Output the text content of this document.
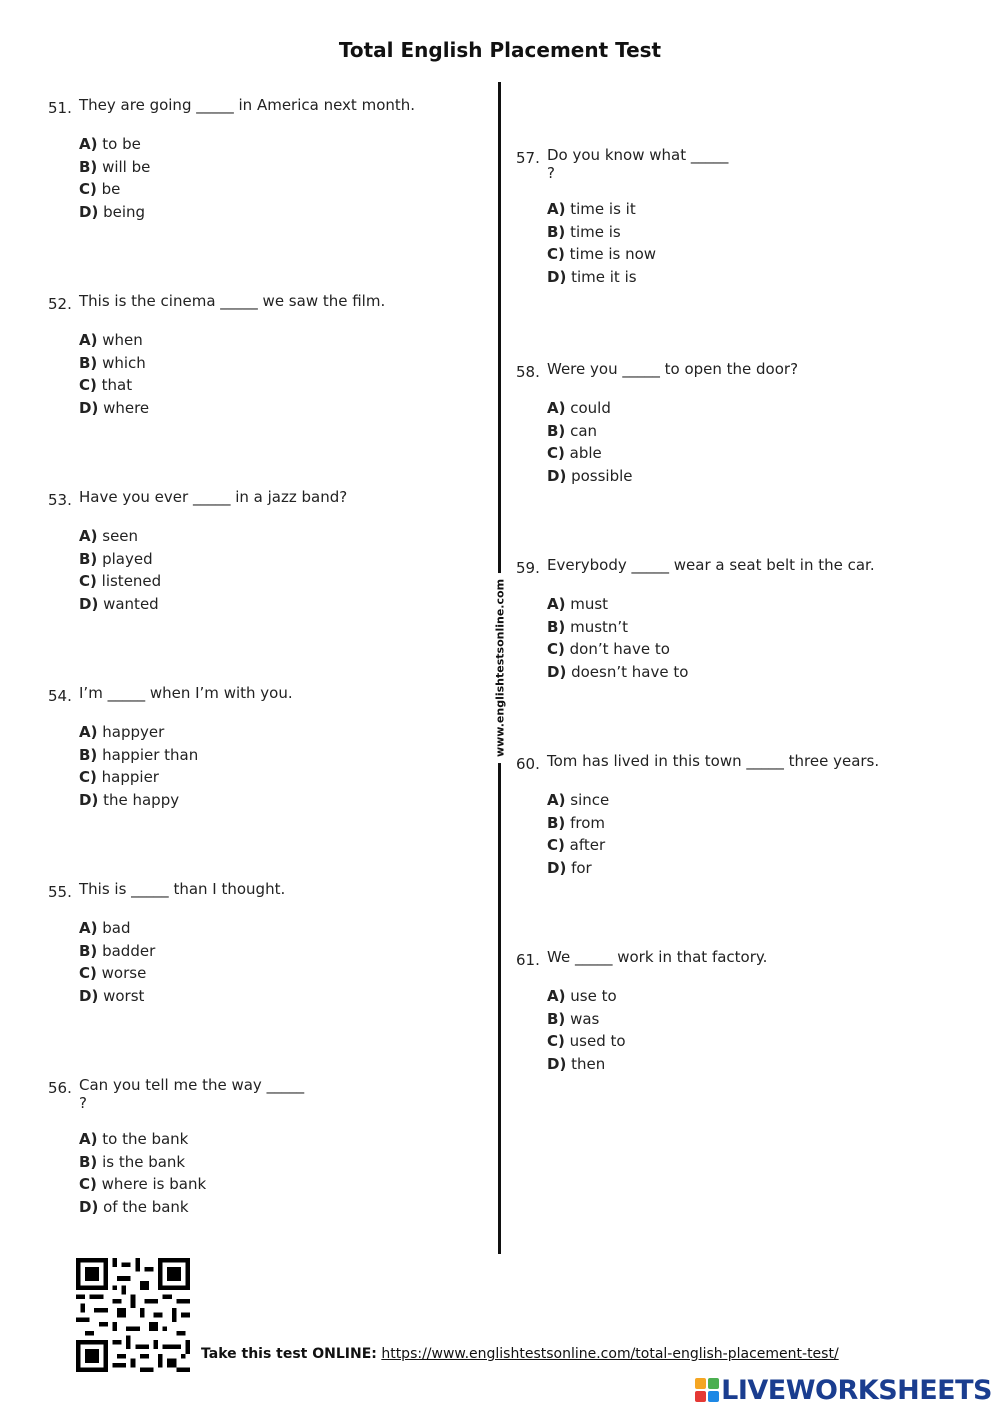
Total English Placement Test
51. They are going _____ in America next month.
A) to be
B) will be
C) be
D) being
52. This is the cinema _____ we saw the film.
A) when
B) which
C) that
D) where
53. Have you ever _____ in a jazz band?
A) seen
B) played
C) listened
D) wanted
54. I’m _____ when I’m with you.
A) happyer
B) happier than
C) happier
D) the happy
55. This is _____ than I thought.
A) bad
B) badder
C) worse
D) worst
56. Can you tell me the way _____
?
A) to the bank
B) is the bank
C) where is bank
D) of the bank
57. Do you know what _____
?
A) time is it
B) time is
C) time is now
D) time it is
58. Were you _____ to open the door?
A) could
B) can
C) able
D) possible
59. Everybody _____ wear a seat belt in the car.
A) must
B) mustn’t
C) don’t have to
D) doesn’t have to
60. Tom has lived in this town _____ three years.
A) since
B) from
C) after
D) for
61. We _____ work in that factory.
A) use to
B) was
C) used to
D) then
www.englishtestsonline.com
Take this test ONLINE: https://www.englishtestsonline.com/total-english-placement-test/
LIVEWORKSHEETS
